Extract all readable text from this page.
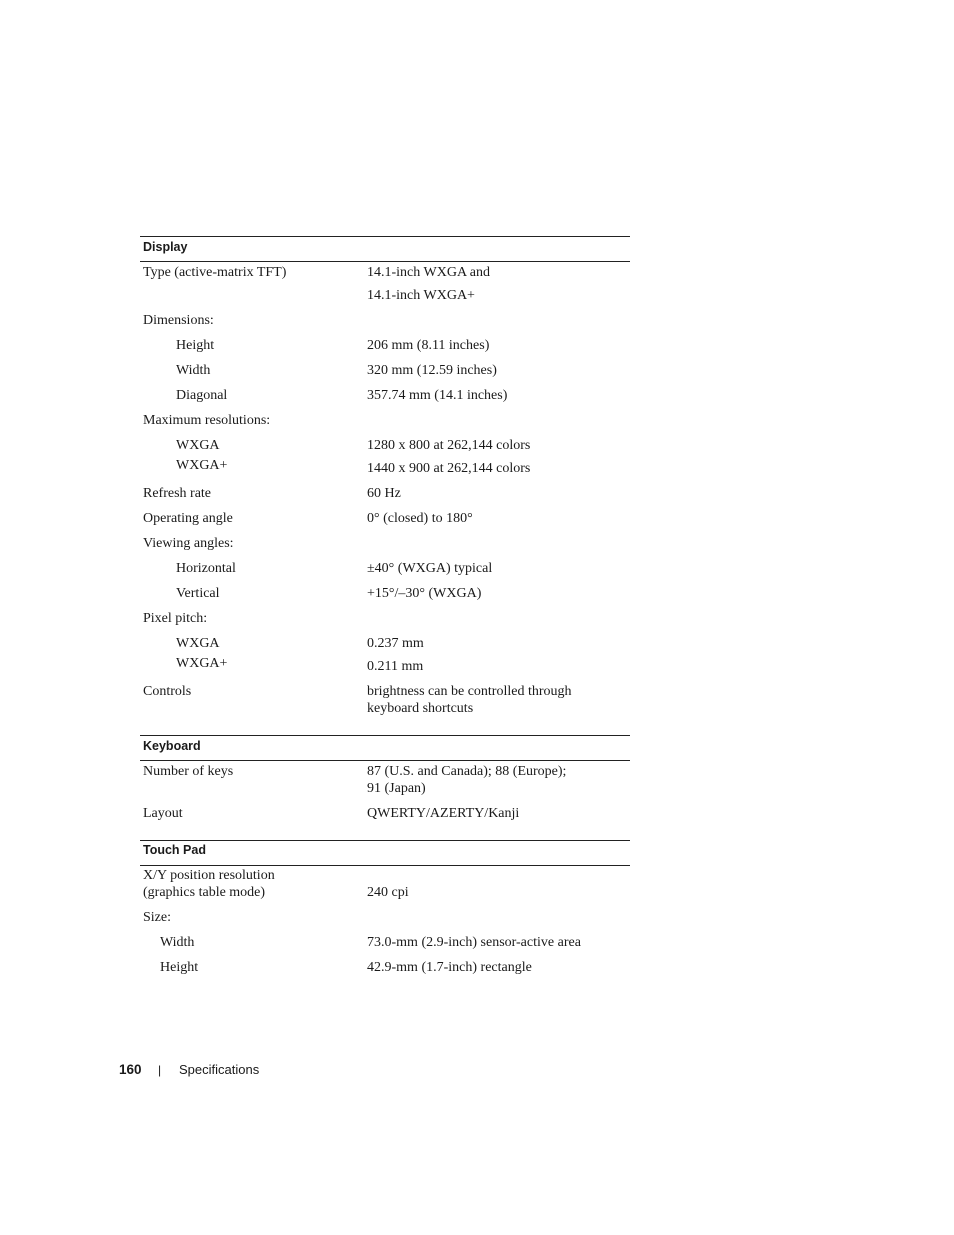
Display
Type (active-matrix TFT)	14.1-inch WXGA and
14.1-inch WXGA+
Dimensions:
Height	206 mm (8.11 inches)
Width	320 mm (12.59 inches)
Diagonal	357.74 mm (14.1 inches)
Maximum resolutions:
WXGA	1280 x 800 at 262,144 colors
WXGA+	1440 x 900 at 262,144 colors
Refresh rate	60 Hz
Operating angle	0° (closed) to 180°
Viewing angles:
Horizontal	±40° (WXGA) typical
Vertical	+15°/–30° (WXGA)
Pixel pitch:
WXGA	0.237 mm
WXGA+	0.211 mm
Controls	brightness can be controlled through
keyboard shortcuts
Keyboard
Number of keys	87 (U.S. and Canada); 88 (Europe);
91 (Japan)
Layout	QWERTY/AZERTY/Kanji
Touch Pad
X/Y position resolution
(graphics table mode)	240 cpi
Size:
Width	73.0-mm (2.9-inch) sensor-active area
Height	42.9-mm (1.7-inch) rectangle
160 | Specifications
